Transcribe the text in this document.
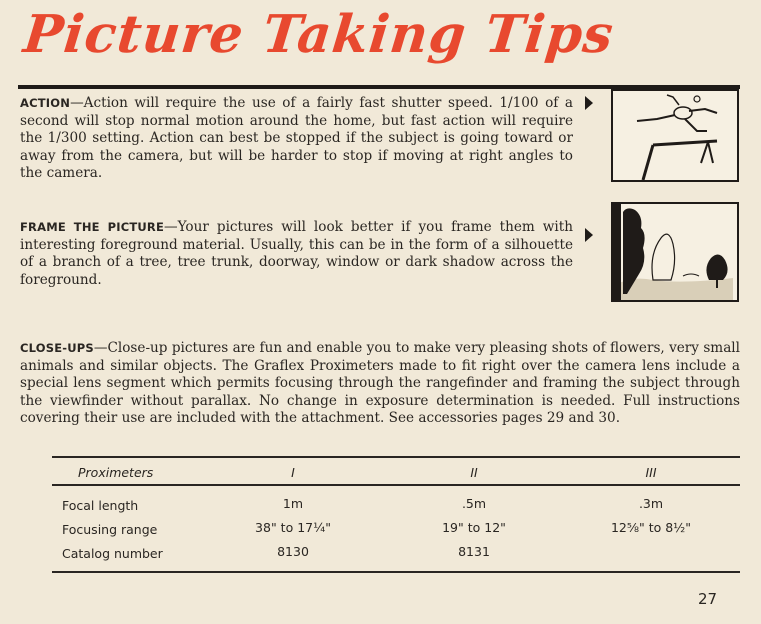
Picture Taking Tips
ACTION—Action will require the use of a fairly fast shutter speed. 1/100 of a second will stop normal motion around the home, but fast action will require the 1/300 setting. Action can best be stopped if the subject is going toward or away from the camera, but will be harder to stop if moving at right angles to the camera.
FRAME THE PICTURE—Your pictures will look better if you frame them with interesting foreground material. Usually, this can be in the form of a silhouette of a branch of a tree, tree trunk, doorway, window or dark shadow across the foreground.
CLOSE-UPS—Close-up pictures are fun and enable you to make very pleasing shots of flowers, very small animals and similar objects. The Graflex Proximeters made to fit right over the camera lens include a special lens segment which permits focusing through the rangefinder and framing the subject through the viewfinder without parallax. No change in exposure determination is needed. Full instructions covering their use are included with the attachment. See accessories pages 29 and 30.
Proximeters	I	II	III
Focal length	1m	.5m	.3m
Focusing range	38" to 17¼"	19" to 12"	12⅝" to 8½"
Catalog number	8130	8131
27
